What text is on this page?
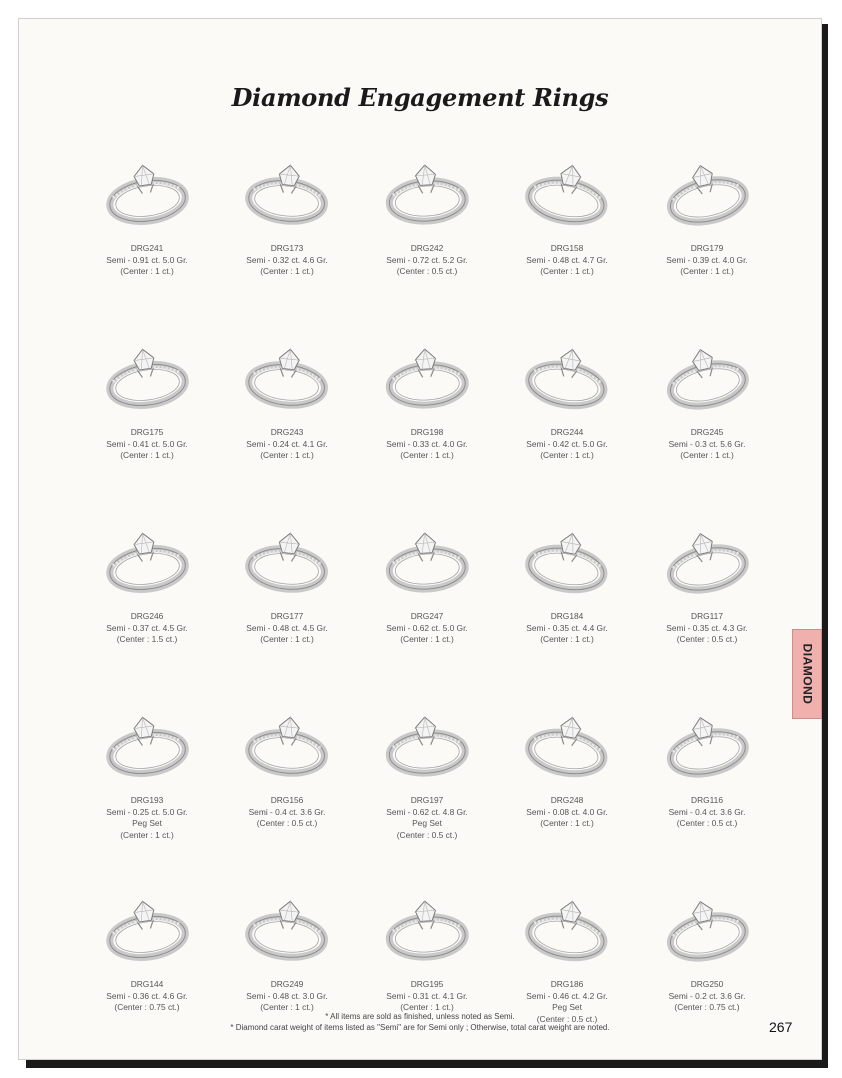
Diamond Engagement Rings
DRG241
Semi - 0.91 ct. 5.0 Gr.
(Center : 1 ct.)
DRG173
Semi - 0.32 ct. 4.6 Gr.
(Center : 1 ct.)
DRG242
Semi - 0.72 ct. 5.2 Gr.
(Center : 0.5 ct.)
DRG158
Semi - 0.48 ct. 4.7 Gr.
(Center : 1 ct.)
DRG179
Semi - 0.39 ct. 4.0 Gr.
(Center : 1 ct.)
DRG175
Semi - 0.41 ct. 5.0 Gr.
(Center : 1 ct.)
DRG243
Semi - 0.24 ct. 4.1 Gr.
(Center : 1 ct.)
DRG198
Semi - 0.33 ct. 4.0 Gr.
(Center : 1 ct.)
DRG244
Semi - 0.42 ct. 5.0 Gr.
(Center : 1 ct.)
DRG245
Semi - 0.3 ct. 5.6 Gr.
(Center : 1 ct.)
DRG246
Semi - 0.37 ct. 4.5 Gr.
(Center : 1.5 ct.)
DRG177
Semi - 0.48 ct. 4.5 Gr.
(Center : 1 ct.)
DRG247
Semi - 0.62 ct. 5.0 Gr.
(Center : 1 ct.)
DRG184
Semi - 0.35 ct. 4.4 Gr.
(Center : 1 ct.)
DRG117
Semi - 0.35 ct. 4.3 Gr.
(Center : 0.5 ct.)
DRG193
Semi - 0.25 ct. 5.0 Gr.
Peg Set
(Center : 1 ct.)
DRG156
Semi - 0.4 ct. 3.6 Gr.
(Center : 0.5 ct.)
DRG197
Semi - 0.62 ct. 4.8 Gr.
Peg Set
(Center : 0.5 ct.)
DRG248
Semi - 0.08 ct. 4.0 Gr.
(Center : 1 ct.)
DRG116
Semi - 0.4 ct. 3.6 Gr.
(Center : 0.5 ct.)
DRG144
Semi - 0.36 ct. 4.6 Gr.
(Center : 0.75 ct.)
DRG249
Semi - 0.48 ct. 3.0 Gr.
(Center : 1 ct.)
DRG195
Semi - 0.31 ct. 4.1 Gr.
(Center : 1 ct.)
DRG186
Semi - 0.46 ct. 4.2 Gr.
Peg Set
(Center : 0.5 ct.)
DRG250
Semi - 0.2 ct. 3.6 Gr.
(Center : 0.75 ct.)
DIAMOND
* All items are sold as finished, unless noted as Semi.
* Diamond carat weight of items listed as "Semi" are for Semi only ; Otherwise, total carat weight are noted.	267
